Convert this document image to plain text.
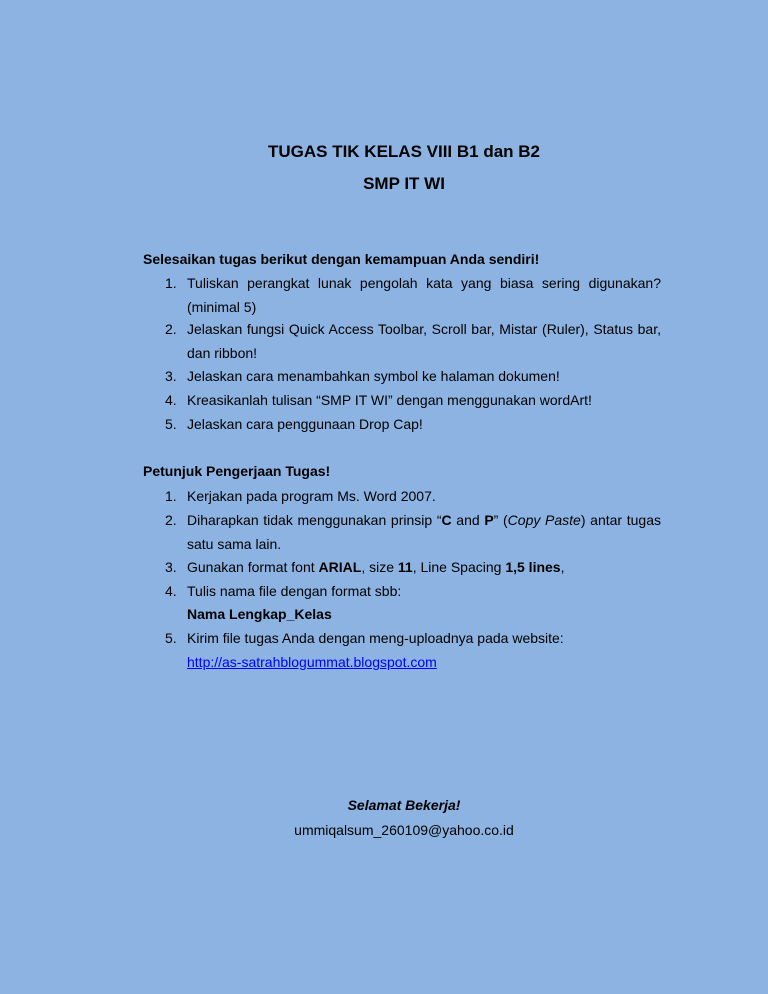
TUGAS TIK KELAS VIII B1 dan B2
SMP IT WI
Selesaikan tugas berikut dengan kemampuan Anda sendiri!
1. Tuliskan perangkat lunak pengolah kata yang biasa sering digunakan? (minimal 5)
2. Jelaskan fungsi Quick Access Toolbar, Scroll bar, Mistar (Ruler), Status bar, dan ribbon!
3. Jelaskan cara menambahkan symbol ke halaman dokumen!
4. Kreasikanlah tulisan “SMP IT WI” dengan menggunakan wordArt!
5. Jelaskan cara penggunaan Drop Cap!
Petunjuk Pengerjaan Tugas!
1. Kerjakan pada program Ms. Word 2007.
2. Diharapkan tidak menggunakan prinsip “C and P” (Copy Paste) antar tugas satu sama lain.
3. Gunakan format font ARIAL, size 11, Line Spacing 1,5 lines,
4. Tulis nama file dengan format sbb:
Nama Lengkap_Kelas
5. Kirim file tugas Anda dengan meng-uploadnya pada website:
http://as-satrahblogummat.blogspot.com
Selamat Bekerja!
ummiqalsum_260109@yahoo.co.id
